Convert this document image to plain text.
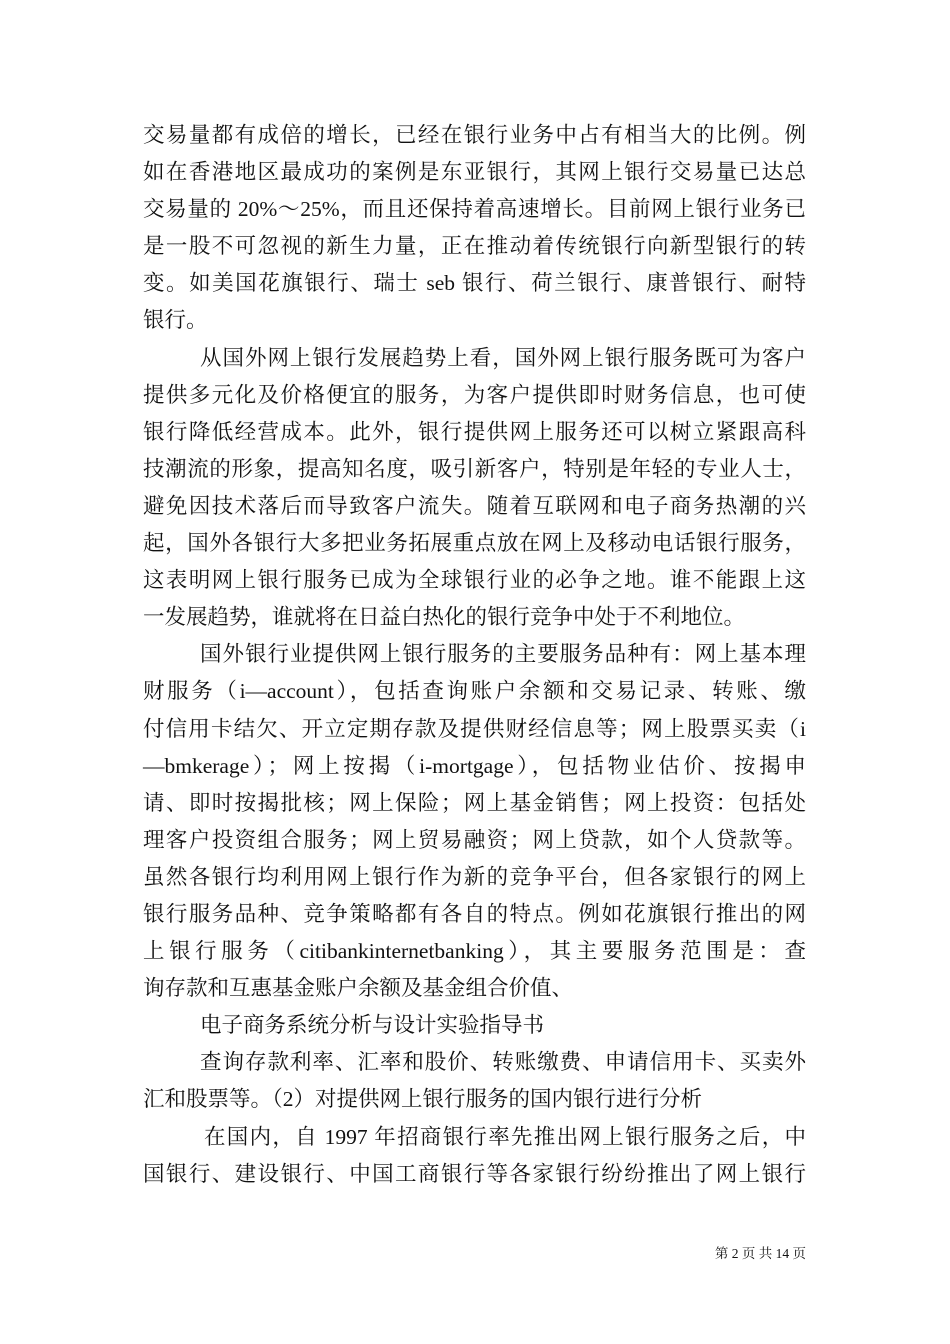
交易量都有成倍的增长，已经在银行业务中占有相当大的比例。例
如在香港地区最成功的案例是东亚银行，其网上银行交易量已达总
交易量的 20%～25%，而且还保持着高速增长。目前网上银行业务已
是一股不可忽视的新生力量，正在推动着传统银行向新型银行的转
变。如美国花旗银行、瑞士 seb 银行、荷兰银行、康普银行、耐特
银行。
从国外网上银行发展趋势上看，国外网上银行服务既可为客户
提供多元化及价格便宜的服务，为客户提供即时财务信息，也可使
银行降低经营成本。此外，银行提供网上服务还可以树立紧跟高科
技潮流的形象，提高知名度，吸引新客户，特别是年轻的专业人士，
避免因技术落后而导致客户流失。随着互联网和电子商务热潮的兴
起，国外各银行大多把业务拓展重点放在网上及移动电话银行服务，
这表明网上银行服务已成为全球银行业的必争之地。谁不能跟上这
一发展趋势，谁就将在日益白热化的银行竞争中处于不利地位。
国外银行业提供网上银行服务的主要服务品种有：网上基本理
财服务（i—account），包括查询账户余额和交易记录、转账、缴
付信用卡结欠、开立定期存款及提供财经信息等；网上股票买卖（i
—bmkerage）；网上按揭（i-mortgage），包括物业估价、按揭申
请、即时按揭批核；网上保险；网上基金销售；网上投资：包括处
理客户投资组合服务；网上贸易融资；网上贷款，如个人贷款等。
虽然各银行均利用网上银行作为新的竞争平台，但各家银行的网上
银行服务品种、竞争策略都有各自的特点。例如花旗银行推出的网
上银行服务（citibankinternetbanking），其主要服务范围是：查
询存款和互惠基金账户余额及基金组合价值、
电子商务系统分析与设计实验指导书
查询存款利率、汇率和股价、转账缴费、申请信用卡、买卖外
汇和股票等。（2）对提供网上银行服务的国内银行进行分析
在国内，自 1997 年招商银行率先推出网上银行服务之后，中
国银行、建设银行、中国工商银行等各家银行纷纷推出了网上银行
第 2 页 共 14 页
